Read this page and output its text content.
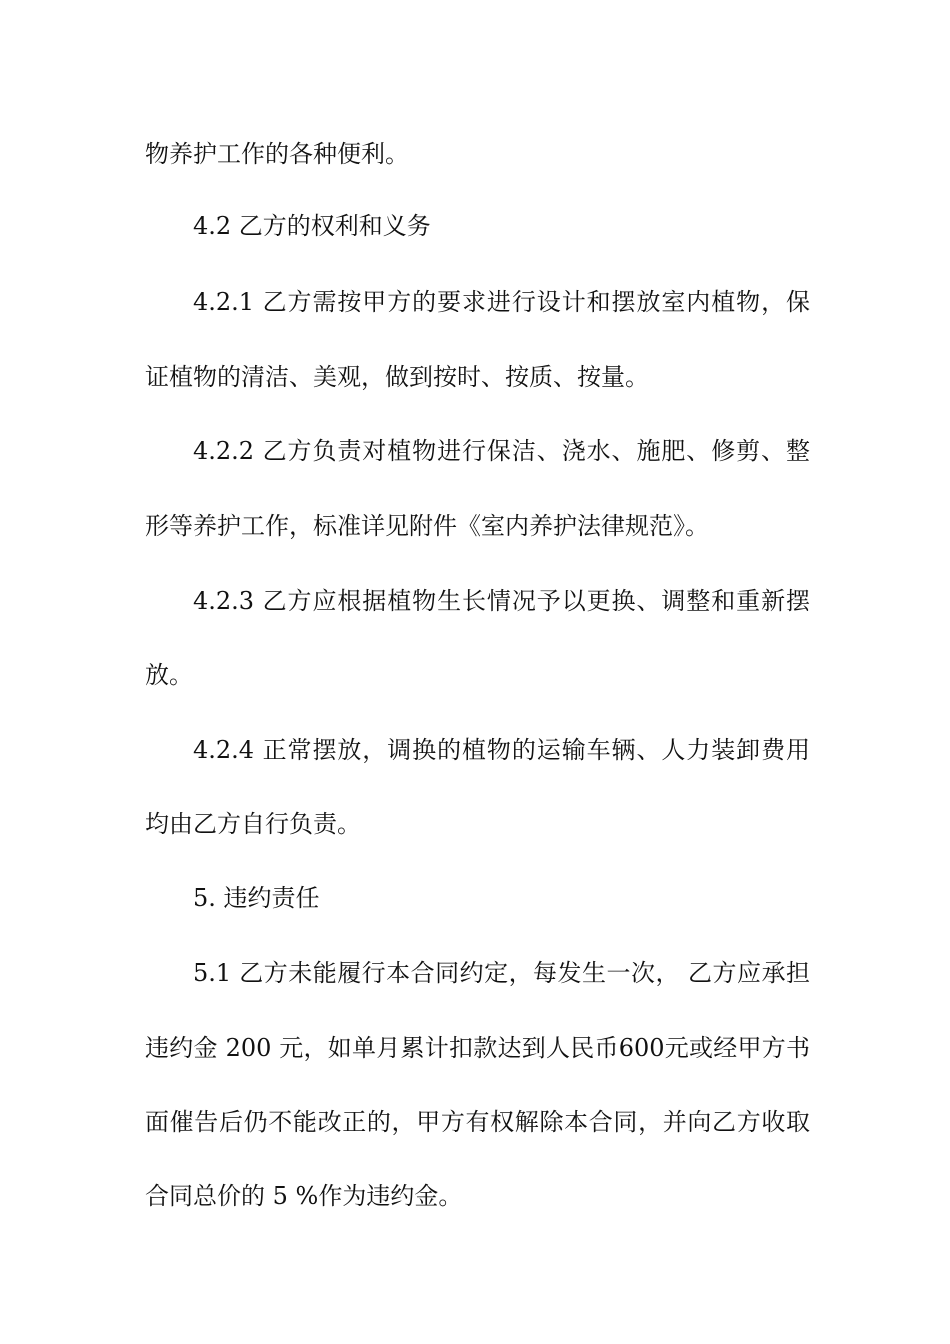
物养护工作的各种便利。
4.2 乙方的权利和义务
4.2.1 乙方需按甲方的要求进行设计和摆放室内植物，保
证植物的清洁、美观，做到按时、按质、按量。
4.2.2 乙方负责对植物进行保洁、浇水、施肥、修剪、整
形等养护工作，标准详见附件《室内养护法律规范》。
4.2.3 乙方应根据植物生长情况予以更换、调整和重新摆
放。
4.2.4 正常摆放，调换的植物的运输车辆、人力装卸费用
均由乙方自行负责。
5. 违约责任
5.1 乙方未能履行本合同约定，每发生一次， 乙方应承担
违约金 200 元，如单月累计扣款达到人民币600元或经甲方书
面催告后仍不能改正的，甲方有权解除本合同，并向乙方收取
合同总价的 5 %作为违约金。
